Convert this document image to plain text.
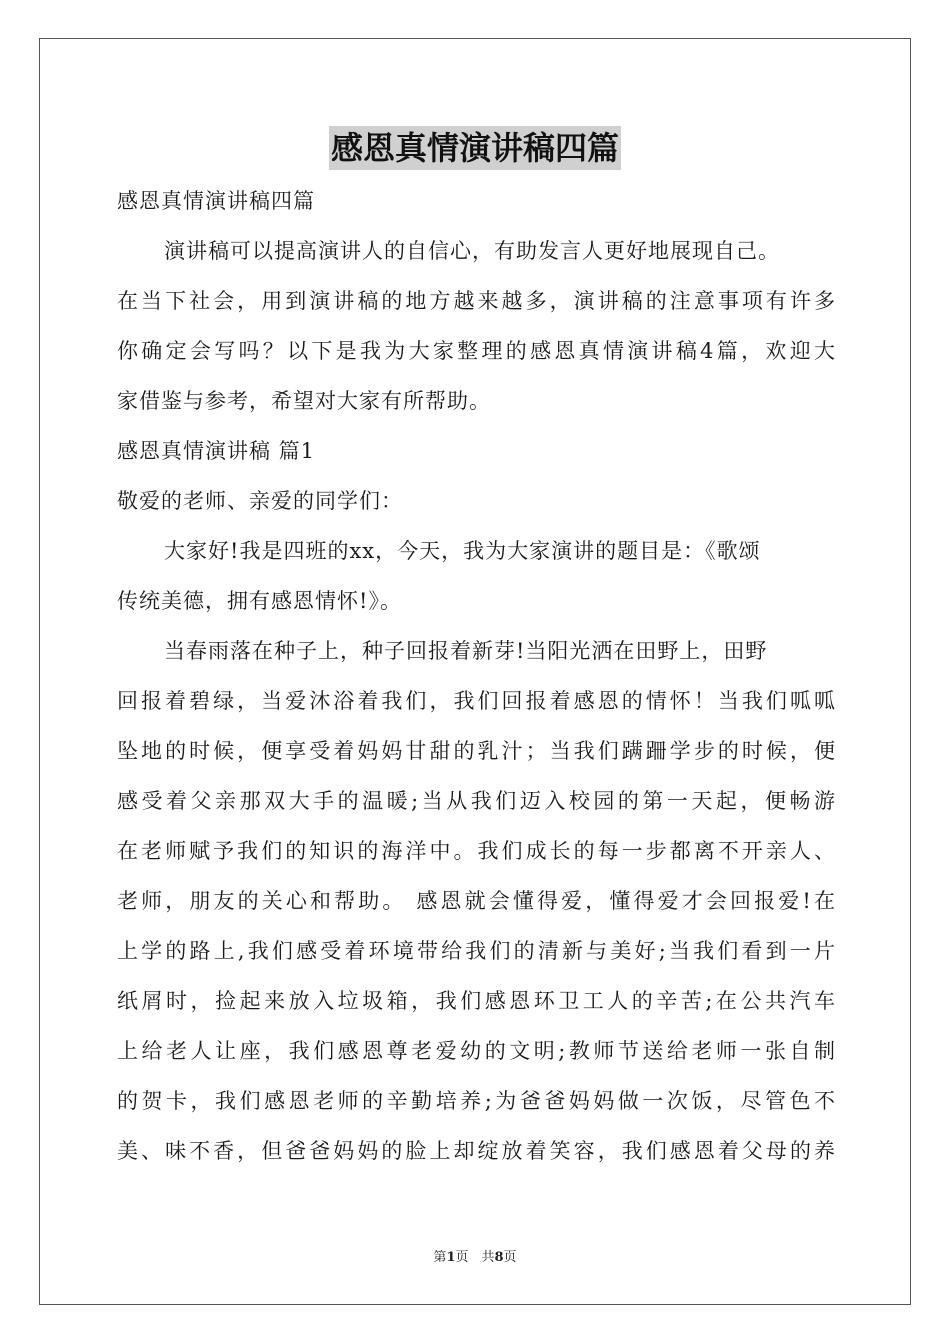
感恩真情演讲稿四篇
感恩真情演讲稿四篇
演讲稿可以提高演讲人的自信心，有助发言人更好地展现自己。
在当下社会，用到演讲稿的地方越来越多，演讲稿的注意事项有许多
你确定会写吗？以下是我为大家整理的感恩真情演讲稿4篇，欢迎大
家借鉴与参考，希望对大家有所帮助。
感恩真情演讲稿 篇1
敬爱的老师、亲爱的同学们：
大家好!我是四班的xx，今天，我为大家演讲的题目是：《歌颂
传统美德，拥有感恩情怀!》。
当春雨落在种子上，种子回报着新芽!当阳光洒在田野上，田野
回报着碧绿，当爱沐浴着我们，我们回报着感恩的情怀！当我们呱呱
坠地的时候，便享受着妈妈甘甜的乳汁；当我们蹒跚学步的时候，便
感受着父亲那双大手的温暖;当从我们迈入校园的第一天起，便畅游
在老师赋予我们的知识的海洋中。我们成长的每一步都离不开亲人、
老师，朋友的关心和帮助。 感恩就会懂得爱，懂得爱才会回报爱!在
上学的路上,我们感受着环境带给我们的清新与美好;当我们看到一片
纸屑时，捡起来放入垃圾箱，我们感恩环卫工人的辛苦;在公共汽车
上给老人让座，我们感恩尊老爱幼的文明;教师节送给老师一张自制
的贺卡，我们感恩老师的辛勤培养;为爸爸妈妈做一次饭，尽管色不
美、味不香，但爸爸妈妈的脸上却绽放着笑容，我们感恩着父母的养
第1页　共8页
